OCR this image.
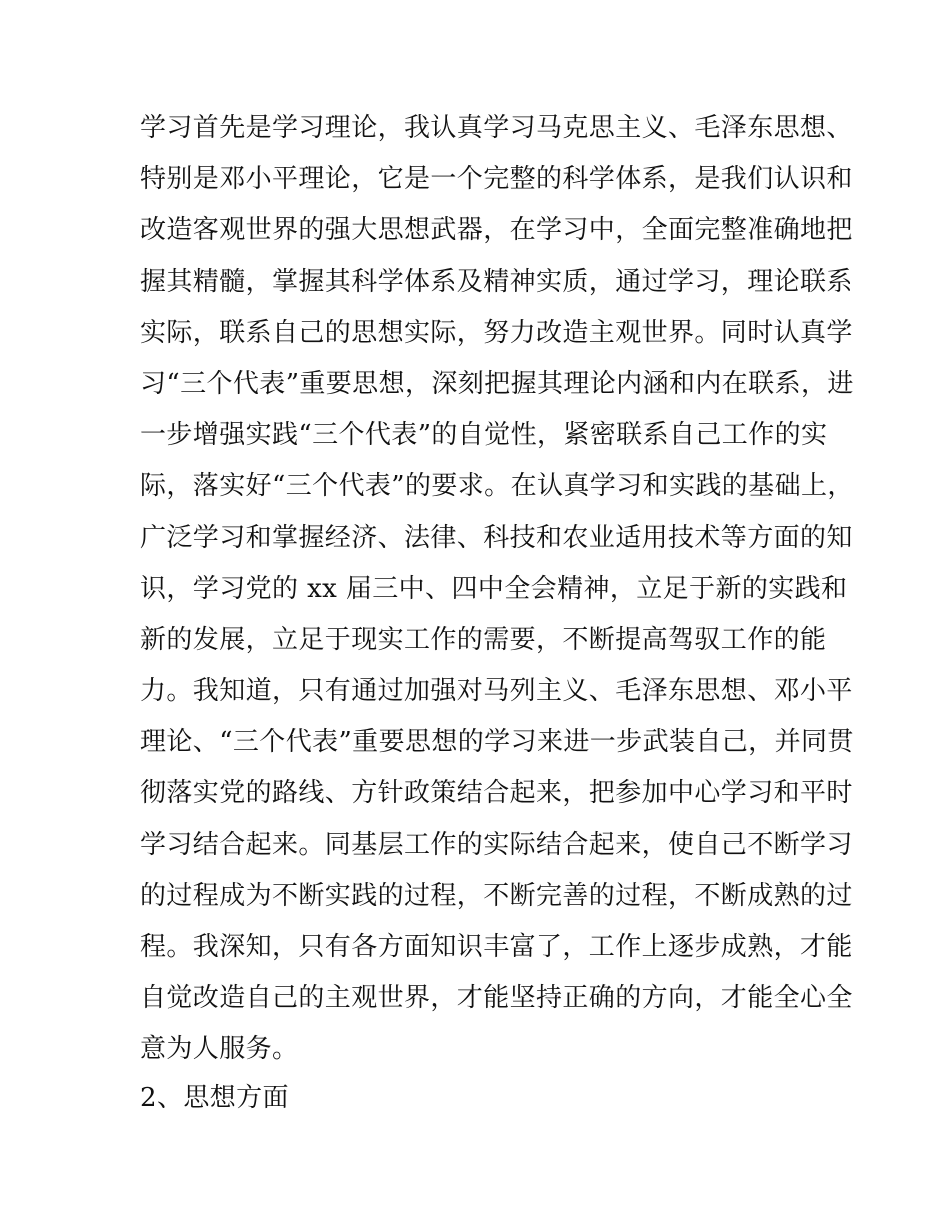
学习首先是学习理论，我认真学习马克思主义、毛泽东思想、
特别是邓小平理论，它是一个完整的科学体系，是我们认识和
改造客观世界的强大思想武器，在学习中，全面完整准确地把
握其精髓，掌握其科学体系及精神实质，通过学习，理论联系
实际，联系自己的思想实际，努力改造主观世界。同时认真学
习“三个代表”重要思想，深刻把握其理论内涵和内在联系，进
一步增强实践“三个代表”的自觉性，紧密联系自己工作的实
际，落实好“三个代表”的要求。在认真学习和实践的基础上，
广泛学习和掌握经济、法律、科技和农业适用技术等方面的知
识，学习党的 xx 届三中、四中全会精神，立足于新的实践和
新的发展，立足于现实工作的需要，不断提高驾驭工作的能
力。我知道，只有通过加强对马列主义、毛泽东思想、邓小平
理论、“三个代表”重要思想的学习来进一步武装自己，并同贯
彻落实党的路线、方针政策结合起来，把参加中心学习和平时
学习结合起来。同基层工作的实际结合起来，使自己不断学习
的过程成为不断实践的过程，不断完善的过程，不断成熟的过
程。我深知，只有各方面知识丰富了，工作上逐步成熟，才能
自觉改造自己的主观世界，才能坚持正确的方向，才能全心全
意为人服务。
2、思想方面
